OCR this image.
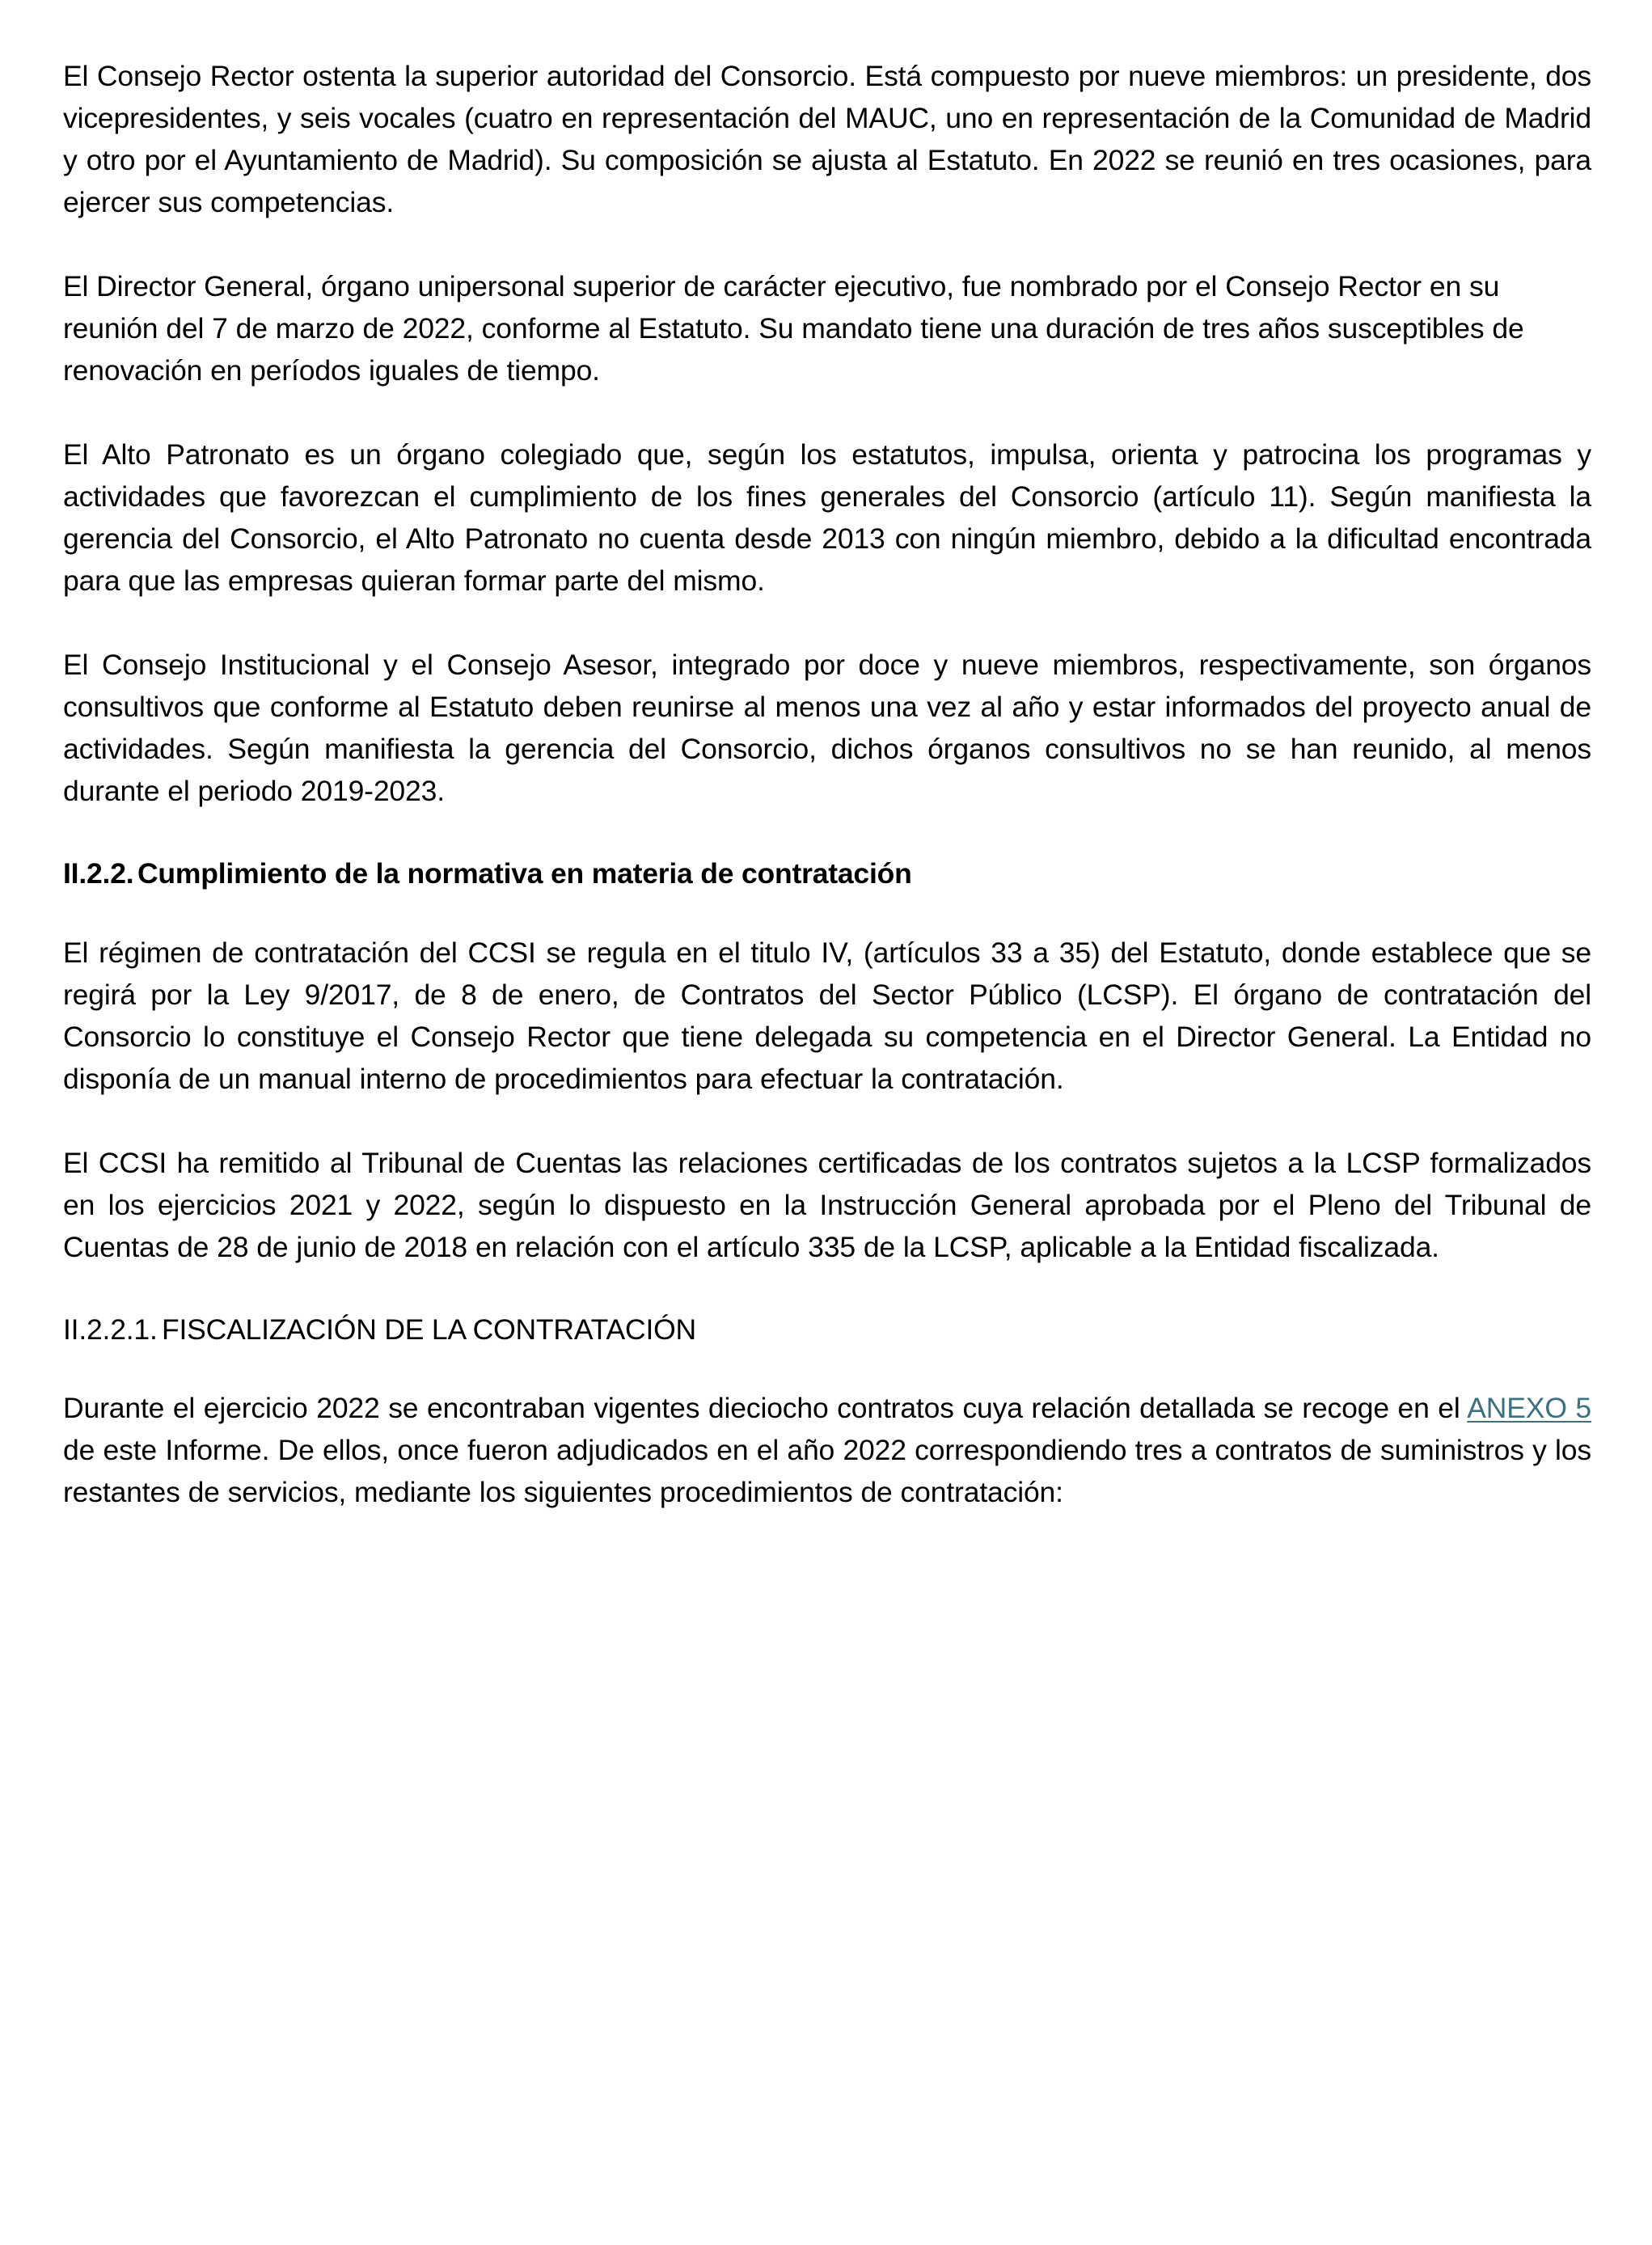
El Consejo Rector ostenta la superior autoridad del Consorcio. Está compuesto por nueve miembros: un presidente, dos vicepresidentes, y seis vocales (cuatro en representación del MAUC, uno en representación de la Comunidad de Madrid y otro por el Ayuntamiento de Madrid). Su composición se ajusta al Estatuto. En 2022 se reunió en tres ocasiones, para ejercer sus competencias.

El Director General, órgano unipersonal superior de carácter ejecutivo, fue nombrado por el Consejo Rector en su reunión del 7 de marzo de 2022, conforme al Estatuto. Su mandato tiene una duración de tres años susceptibles de renovación en períodos iguales de tiempo.

El Alto Patronato es un órgano colegiado que, según los estatutos, impulsa, orienta y patrocina los programas y actividades que favorezcan el cumplimiento de los fines generales del Consorcio (artículo 11). Según manifiesta la gerencia del Consorcio, el Alto Patronato no cuenta desde 2013 con ningún miembro, debido a la dificultad encontrada para que las empresas quieran formar parte del mismo.

El Consejo Institucional y el Consejo Asesor, integrado por doce y nueve miembros, respectivamente, son órganos consultivos que conforme al Estatuto deben reunirse al menos una vez al año y estar informados del proyecto anual de actividades. Según manifiesta la gerencia del Consorcio, dichos órganos consultivos no se han reunido, al menos durante el periodo 2019-2023.

II.2.2. Cumplimiento de la normativa en materia de contratación

El régimen de contratación del CCSI se regula en el titulo IV, (artículos 33 a 35) del Estatuto, donde establece que se regirá por la Ley 9/2017, de 8 de enero, de Contratos del Sector Público (LCSP). El órgano de contratación del Consorcio lo constituye el Consejo Rector que tiene delegada su competencia en el Director General. La Entidad no disponía de un manual interno de procedimientos para efectuar la contratación.

El CCSI ha remitido al Tribunal de Cuentas las relaciones certificadas de los contratos sujetos a la LCSP formalizados en los ejercicios 2021 y 2022, según lo dispuesto en la Instrucción General aprobada por el Pleno del Tribunal de Cuentas de 28 de junio de 2018 en relación con el artículo 335 de la LCSP, aplicable a la Entidad fiscalizada.

II.2.2.1. FISCALIZACIÓN DE LA CONTRATACIÓN

Durante el ejercicio 2022 se encontraban vigentes dieciocho contratos cuya relación detallada se recoge en el ANEXO 5 de este Informe. De ellos, once fueron adjudicados en el año 2022 correspondiendo tres a contratos de suministros y los restantes de servicios, mediante los siguientes procedimientos de contratación:
